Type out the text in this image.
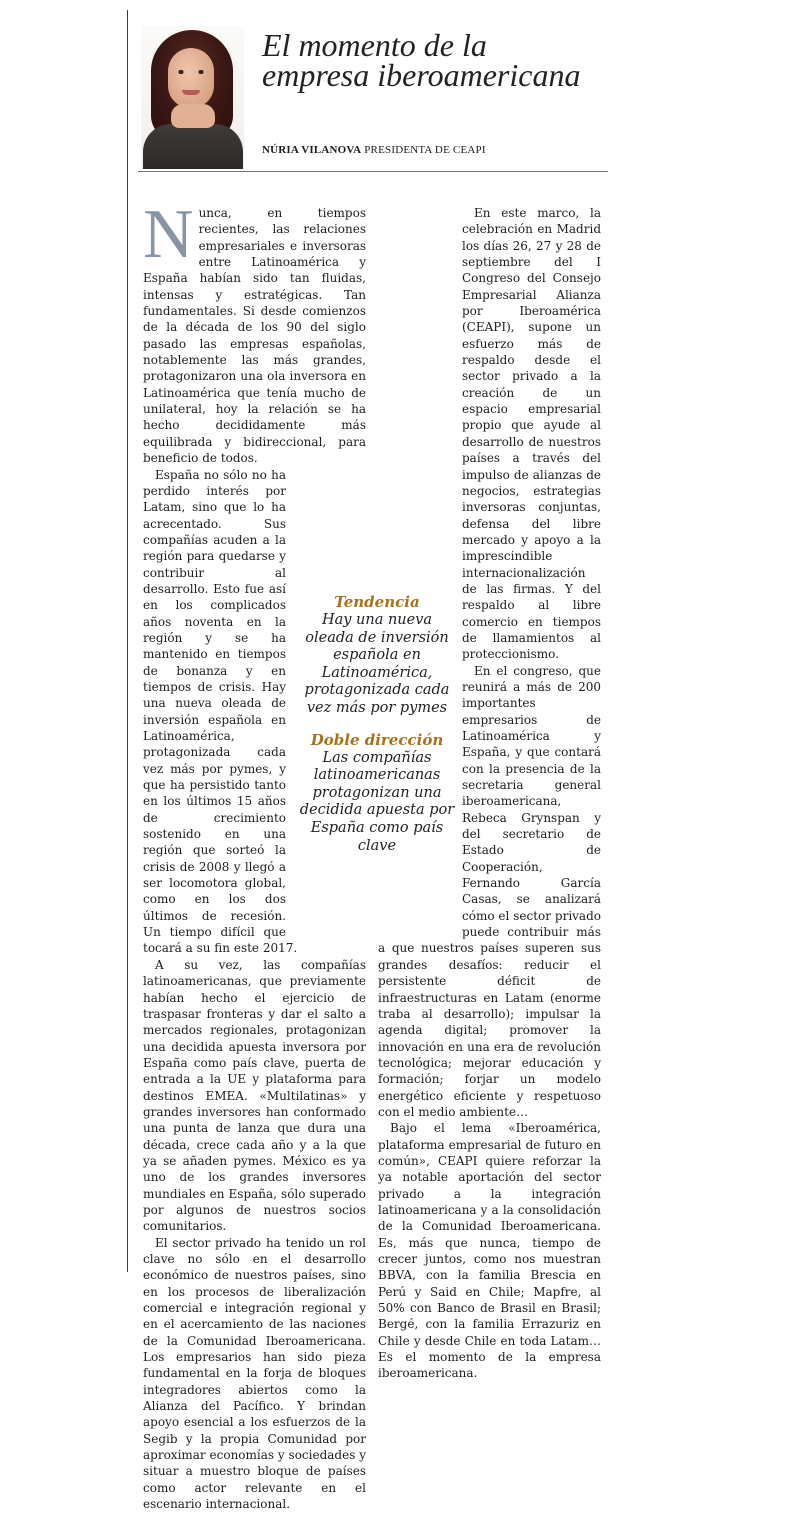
El momento de la empresa iberoamericana
NÚRIA VILANOVA PRESIDENTA DE CEAPI
N unca, en tiempos recientes, las relaciones empresariales e inversoras entre Latinoamérica y España habían sido tan fluidas, intensas y estratégicas. Tan fundamentales. Si desde comienzos de la década de los 90 del siglo pasado las empresas españolas, notablemente las más grandes, protagonizaron una ola inversora en Latinoamérica que tenía mucho de unilateral, hoy la relación se ha hecho decididamente más equilibrada y bidireccional, para beneficio de todos.

España no sólo no ha perdido interés por Latam, sino que lo ha acrecentado. Sus compañías acuden a la región para quedarse y contribuir al desarrollo. Esto fue así en los complicados años noventa en la región y se ha mantenido en tiempos de bonanza y en tiempos de crisis. Hay una nueva oleada de inversión española en Latinoamérica, protagonizada cada vez más por pymes, y que ha persistido tanto en los últimos 15 años de crecimiento sostenido en una región que sorteó la crisis de 2008 y llegó a ser locomotora global, como en los dos últimos de recesión. Un tiempo difícil que tocará a su fin este 2017.

A su vez, las compañías latinoamericanas, que previamente habían hecho el ejercicio de traspasar fronteras y dar el salto a mercados regionales, protagonizan una decidida apuesta inversora por España como país clave, puerta de entrada a la UE y plataforma para destinos EMEA. «Multilatinas» y grandes inversores han conformado una punta de lanza que dura una década, crece cada año y a la que ya se añaden pymes. México es ya uno de los grandes inversores mundiales en España, sólo superado por algunos de nuestros socios comunitarios.

El sector privado ha tenido un rol clave no sólo en el desarrollo económico de nuestros países, sino en los procesos de liberalización comercial e integración regional y en el acercamiento de las naciones de la Comunidad Iberoamericana. Los empresarios han sido pieza fundamental en la forja de bloques integradores abiertos como la Alianza del Pacífico. Y brindan apoyo esencial a los esfuerzos de la Segib y la propia Comunidad por aproximar economías y sociedades y situar a muestro bloque de países como actor relevante en el escenario internacional.

En este marco, la celebración en Madrid los días 26, 27 y 28 de septiembre del I Congreso del Consejo Empresarial Alianza por Iberoamérica (CEAPI), supone un esfuerzo más de respaldo desde el sector privado a la creación de un espacio empresarial propio que ayude al desarrollo de nuestros países a través del impulso de alianzas de negocios, estrategias inversoras conjuntas, defensa del libre mercado y apoyo a la imprescindible internacionalización de las firmas. Y del respaldo al libre comercio en tiempos de llamamientos al proteccionismo.

En el congreso, que reunirá a más de 200 importantes empresarios de Latinoamérica y España, y que contará con la presencia de la secretaria general iberoamericana, Rebeca Grynspan y del secretario de Estado de Cooperación, Fernando García Casas, se analizará cómo el sector privado puede contribuir más a que nuestros países superen sus grandes desafíos: reducir el persistente déficit de infraestructuras en Latam (enorme traba al desarrollo); impulsar la agenda digital; promover la innovación en una era de revolución tecnológica; mejorar educación y formación; forjar un modelo energético eficiente y respetuoso con el medio ambiente…

Bajo el lema «Iberoamérica, plataforma empresarial de futuro en común», CEAPI quiere reforzar la ya notable aportación del sector privado a la integración latinoamericana y a la consolidación de la Comunidad Iberoamericana. Es, más que nunca, tiempo de crecer juntos, como nos muestran BBVA, con la familia Brescia en Perú y Said en Chile; Mapfre, al 50% con Banco de Brasil en Brasil; Bergé, con la familia Errazuriz en Chile y desde Chile en toda Latam… Es el momento de la empresa iberoamericana.

Tendencia
Hay una nueva oleada de inversión española en Latinoamérica, protagonizada cada vez más por pymes
Doble dirección
Las compañías latinoamericanas protagonizan una decidida apuesta por España como país clave
